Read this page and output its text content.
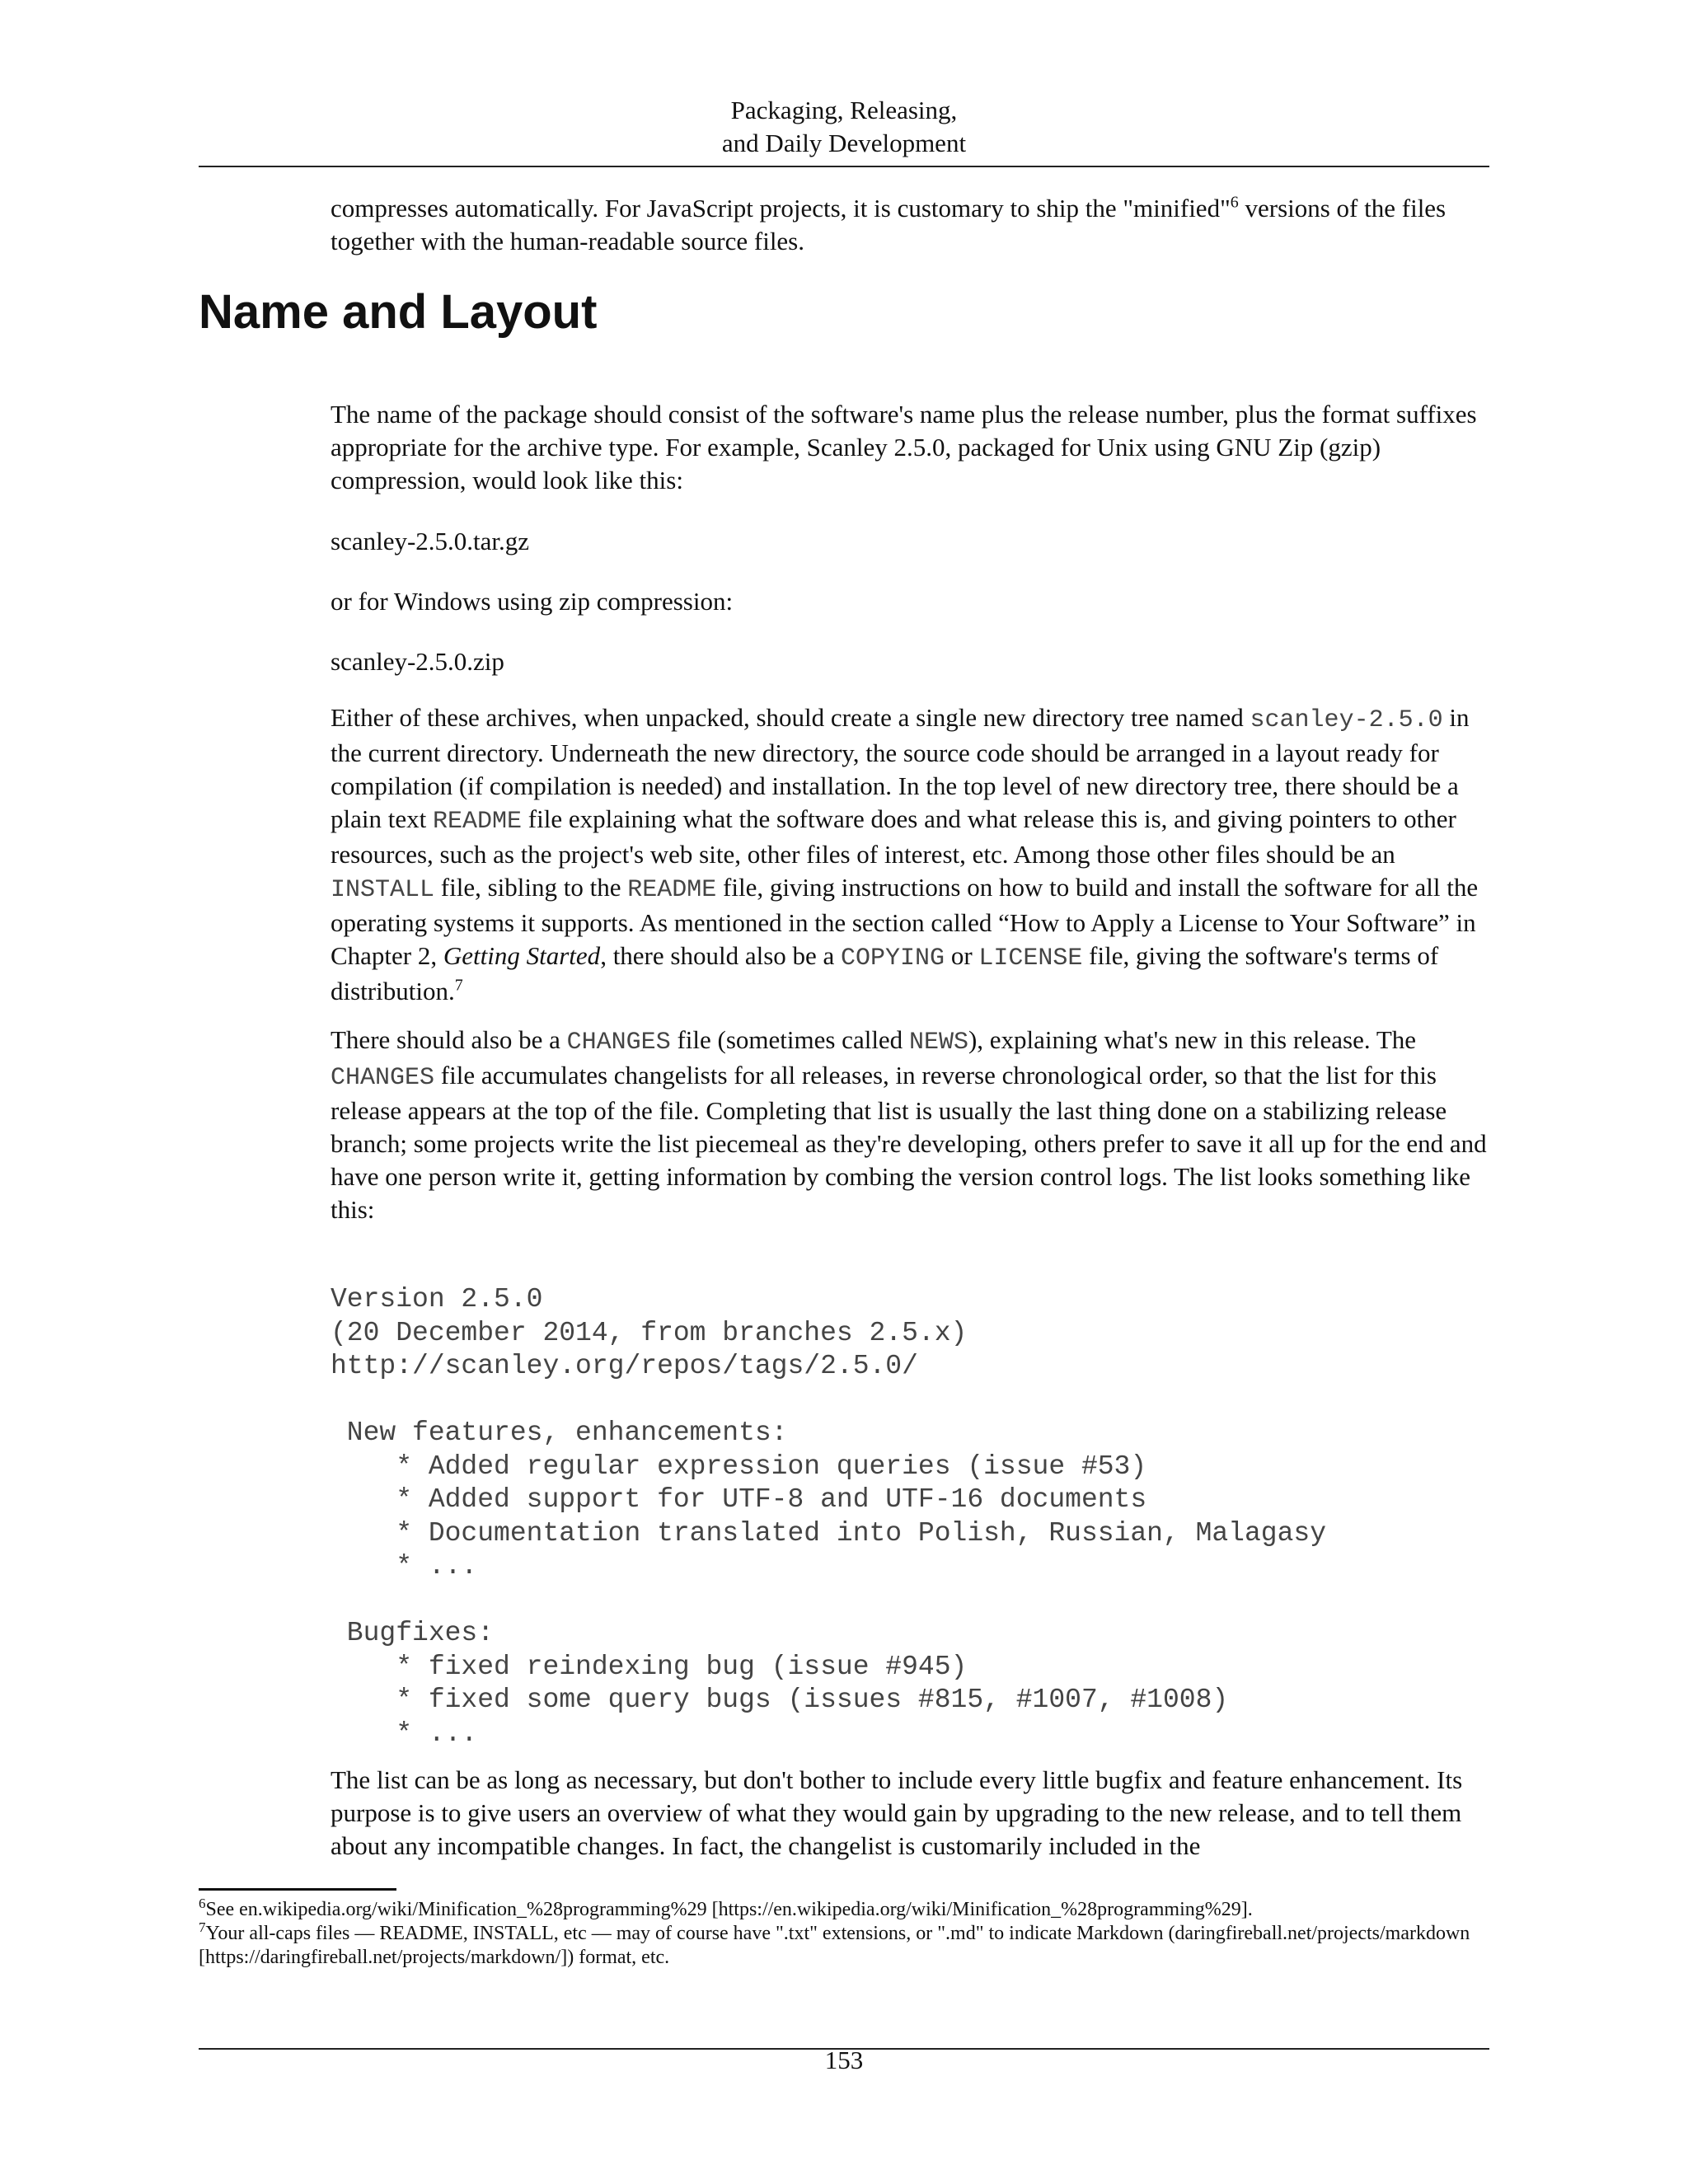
Packaging, Releasing,
and Daily Development

compresses automatically. For JavaScript projects, it is customary to ship the "minified"$^6$ versions of the files together with the human-readable source files.

Name and Layout

The name of the package should consist of the software's name plus the release number, plus the format suffixes appropriate for the archive type. For example, Scanley 2.5.0, packaged for Unix using GNU Zip (gzip) compression, would look like this:

scanley-2.5.0.tar.gz

or for Windows using zip compression:

scanley-2.5.0.zip

Either of these archives, when unpacked, should create a single new directory tree named scanley-2.5.0 in the current directory. Underneath the new directory, the source code should be arranged in a layout ready for compilation (if compilation is needed) and installation. In the top level of new directory tree, there should be a plain text README file explaining what the software does and what release this is, and giving pointers to other resources, such as the project's web site, other files of interest, etc. Among those other files should be an INSTALL file, sibling to the README file, giving instructions on how to build and install the software for all the operating systems it supports. As mentioned in the section called “How to Apply a License to Your Software” in Chapter 2, Getting Started, there should also be a COPYING or LICENSE file, giving the software's terms of distribution.$^7$

There should also be a CHANGES file (sometimes called NEWS), explaining what's new in this release. The CHANGES file accumulates changelists for all releases, in reverse chronological order, so that the list for this release appears at the top of the file. Completing that list is usually the last thing done on a stabilizing release branch; some projects write the list piecemeal as they're developing, others prefer to save it all up for the end and have one person write it, getting information by combing the version control logs. The list looks something like this:

Version 2.5.0
(20 December 2014, from branches 2.5.x)
http://scanley.org/repos/tags/2.5.0/

New features, enhancements:
* Added regular expression queries (issue #53)
* Added support for UTF-8 and UTF-16 documents
* Documentation translated into Polish, Russian, Malagasy
* ...

Bugfixes:
* fixed reindexing bug (issue #945)
* fixed some query bugs (issues #815, #1007, #1008)
* ...

The list can be as long as necessary, but don't bother to include every little bugfix and feature enhancement. Its purpose is to give users an overview of what they would gain by upgrading to the new release, and to tell them about any incompatible changes. In fact, the changelist is customarily included in the

$^6$See en.wikipedia.org/wiki/Minification_%28programming%29 [https://en.wikipedia.org/wiki/Minification_%28programming%29].

$^7$Your all-caps files — README, INSTALL, etc — may of course have ".txt" extensions, or ".md" to indicate Markdown (daringfireball.net/projects/markdown [https://daringfireball.net/projects/markdown/]) format, etc.

153
